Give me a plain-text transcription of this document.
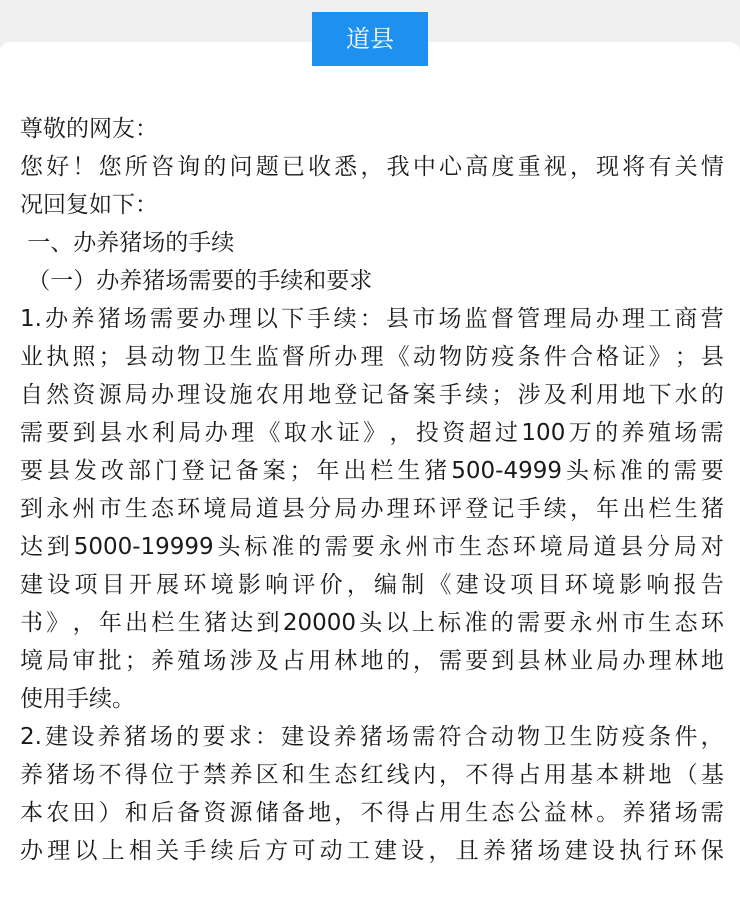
道县
尊敬的网友：
您 好 ！ 您 所 咨 询 的 问 题 已 收 悉 ， 我 中 心 高 度 重 视 ， 现 将 有 关 情
况回复如下：
一、办养猪场的手续
（一）办养猪场需要的手续和要求
1. 办 养 猪 场 需 要 办 理 以 下 手 续 ： 县 市 场 监 督 管 理 局 办 理 工 商 营
业 执 照 ； 县 动 物 卫 生 监 督 所 办 理 《 动 物 防 疫 条 件 合 格 证 》 ； 县
自 然 资 源 局 办 理 设 施 农 用 地 登 记 备 案 手 续 ； 涉 及 利 用 地 下 水 的
需 要 到 县 水 利 局 办 理 《 取 水 证 》 ， 投 资 超 过 100 万 的 养 殖 场 需
要 县 发 改 部 门 登 记 备 案 ； 年 出 栏 生 猪 500-4999 头 标 准 的 需 要
到 永 州 市 生 态 环 境 局 道 县 分 局 办 理 环 评 登 记 手 续 ， 年 出 栏 生 猪
达 到 5000-19999 头 标 准 的 需 要 永 州 市 生 态 环 境 局 道 县 分 局 对
建 设 项 目 开 展 环 境 影 响 评 价 ， 编 制 《 建 设 项 目 环 境 影 响 报 告
书 》 ， 年 出 栏 生 猪 达 到 20000 头 以 上 标 准 的 需 要 永 州 市 生 态 环
境 局 审 批 ； 养 殖 场 涉 及 占 用 林 地 的 ， 需 要 到 县 林 业 局 办 理 林 地
使用手续。
2. 建 设 养 猪 场 的 要 求 ： 建 设 养 猪 场 需 符 合 动 物 卫 生 防 疫 条 件 ，
养 猪 场 不 得 位 于 禁 养 区 和 生 态 红 线 内 ， 不 得 占 用 基 本 耕 地 （ 基
本 农 田 ） 和 后 备 资 源 储 备 地 ， 不 得 占 用 生 态 公 益 林 。 养 猪 场 需
办 理 以 上 相 关 手 续 后 方 可 动 工 建 设 ， 且 养 猪 场 建 设 执 行 环 保
